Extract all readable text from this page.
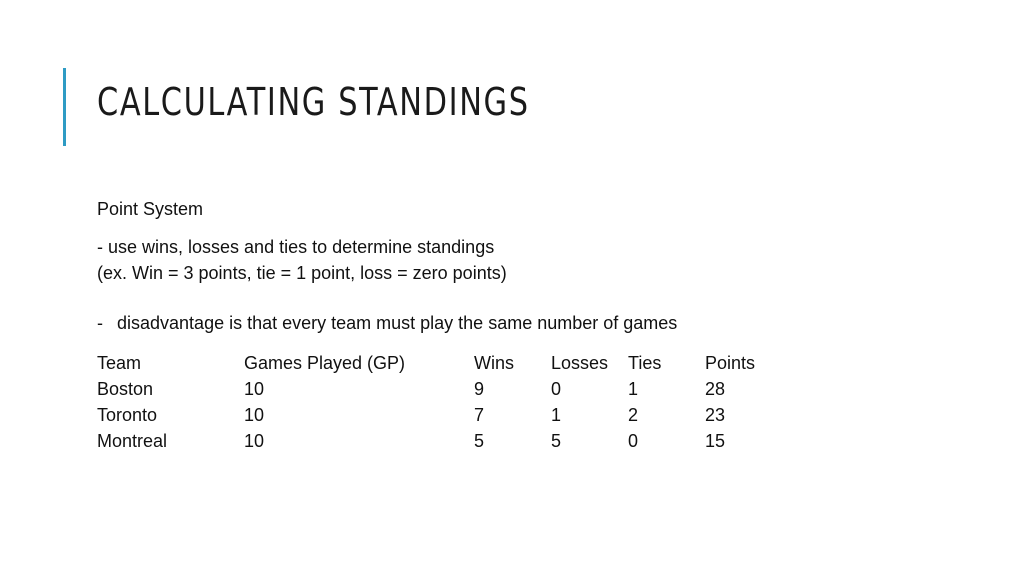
CALCULATING STANDINGS

Point System

- use wins, losses and ties to determine standings

(ex. Win = 3 points, tie = 1 point, loss = zero points)

- disadvantage is that every team must play the same number of games

Team	Games Played (GP)	Wins	Losses	Ties	Points
Boston	10	9	0	1	28
Toronto	10	7	1	2	23
Montreal	10	5	5	0	15
